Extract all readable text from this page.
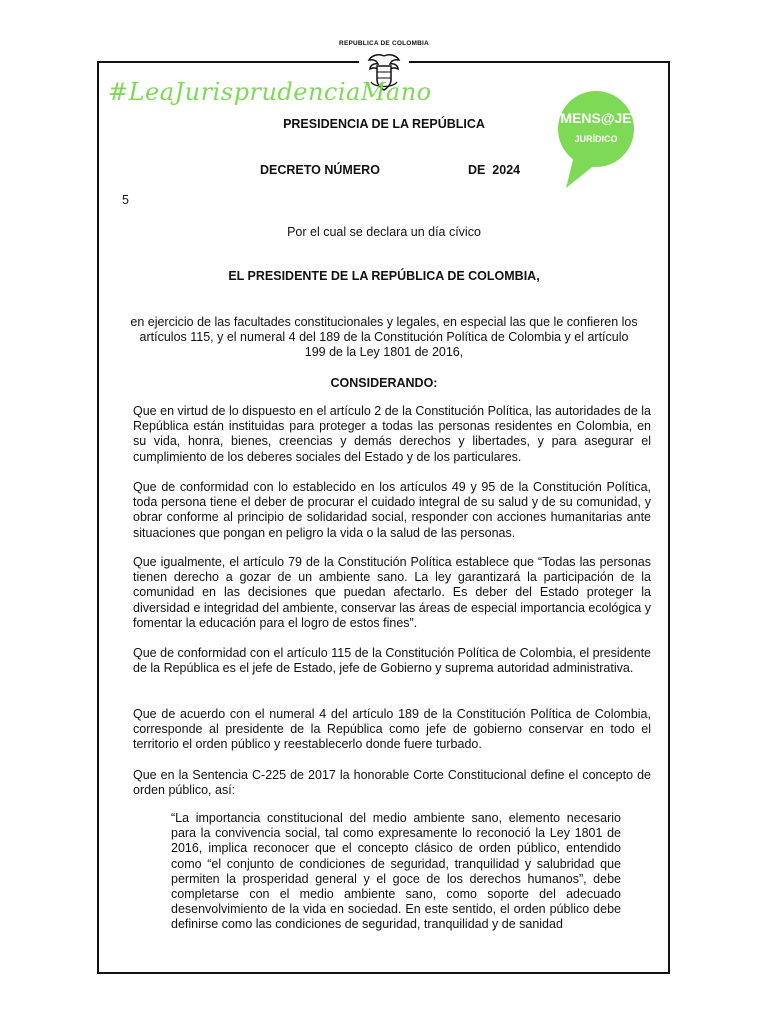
REPUBLICA DE COLOMBIA
#LeaJurisprudenciaMano
MENS@JE
JURÍDICO
PRESIDENCIA DE LA REPÚBLICA
DECRETO NÚMERO	DE  2024
5
Por el cual se declara un día cívico
EL PRESIDENTE DE LA REPÚBLICA DE COLOMBIA,
en ejercicio de las facultades constitucionales y legales, en especial las que le confieren los
artículos 115, y el numeral 4 del 189 de la Constitución Política de Colombia y el artículo
199 de la Ley 1801 de 2016,
CONSIDERANDO:
Que en virtud de lo dispuesto en el artículo 2 de la Constitución Política, las autoridades de la República están instituidas para proteger a todas las personas residentes en Colombia, en su vida, honra, bienes, creencias y demás derechos y libertades, y para asegurar el cumplimiento de los deberes sociales del Estado y de los particulares.
Que de conformidad con lo establecido en los artículos 49 y 95 de la Constitución Política, toda persona tiene el deber de procurar el cuidado integral de su salud y de su comunidad, y obrar conforme al principio de solidaridad social, responder con acciones humanitarias ante situaciones que pongan en peligro la vida o la salud de las personas.
Que igualmente, el artículo 79 de la Constitución Política establece que “Todas las personas tienen derecho a gozar de un ambiente sano. La ley garantizará la participación de la comunidad en las decisiones que puedan afectarlo. Es deber del Estado proteger la diversidad e integridad del ambiente, conservar las áreas de especial importancia ecológica y fomentar la educación para el logro de estos fines”.
Que de conformidad con el artículo 115 de la Constitución Política de Colombia, el presidente de la República es el jefe de Estado, jefe de Gobierno y suprema autoridad administrativa.
Que de acuerdo con el numeral 4 del artículo 189 de la Constitución Política de Colombia, corresponde al presidente de la República como jefe de gobierno conservar en todo el territorio el orden público y reestablecerlo donde fuere turbado.
Que en la Sentencia C-225 de 2017 la honorable Corte Constitucional define el concepto de orden público, así:
“La importancia constitucional del medio ambiente sano, elemento necesario para la convivencia social, tal como expresamente lo reconoció la Ley 1801 de 2016, implica reconocer que el concepto clásico de orden público, entendido como “el conjunto de condiciones de seguridad, tranquilidad y salubridad que permiten la prosperidad general y el goce de los derechos humanos”, debe completarse con el medio ambiente sano, como soporte del adecuado desenvolvimiento de la vida en sociedad. En este sentido, el orden público debe definirse como las condiciones de seguridad, tranquilidad y de sanidad
